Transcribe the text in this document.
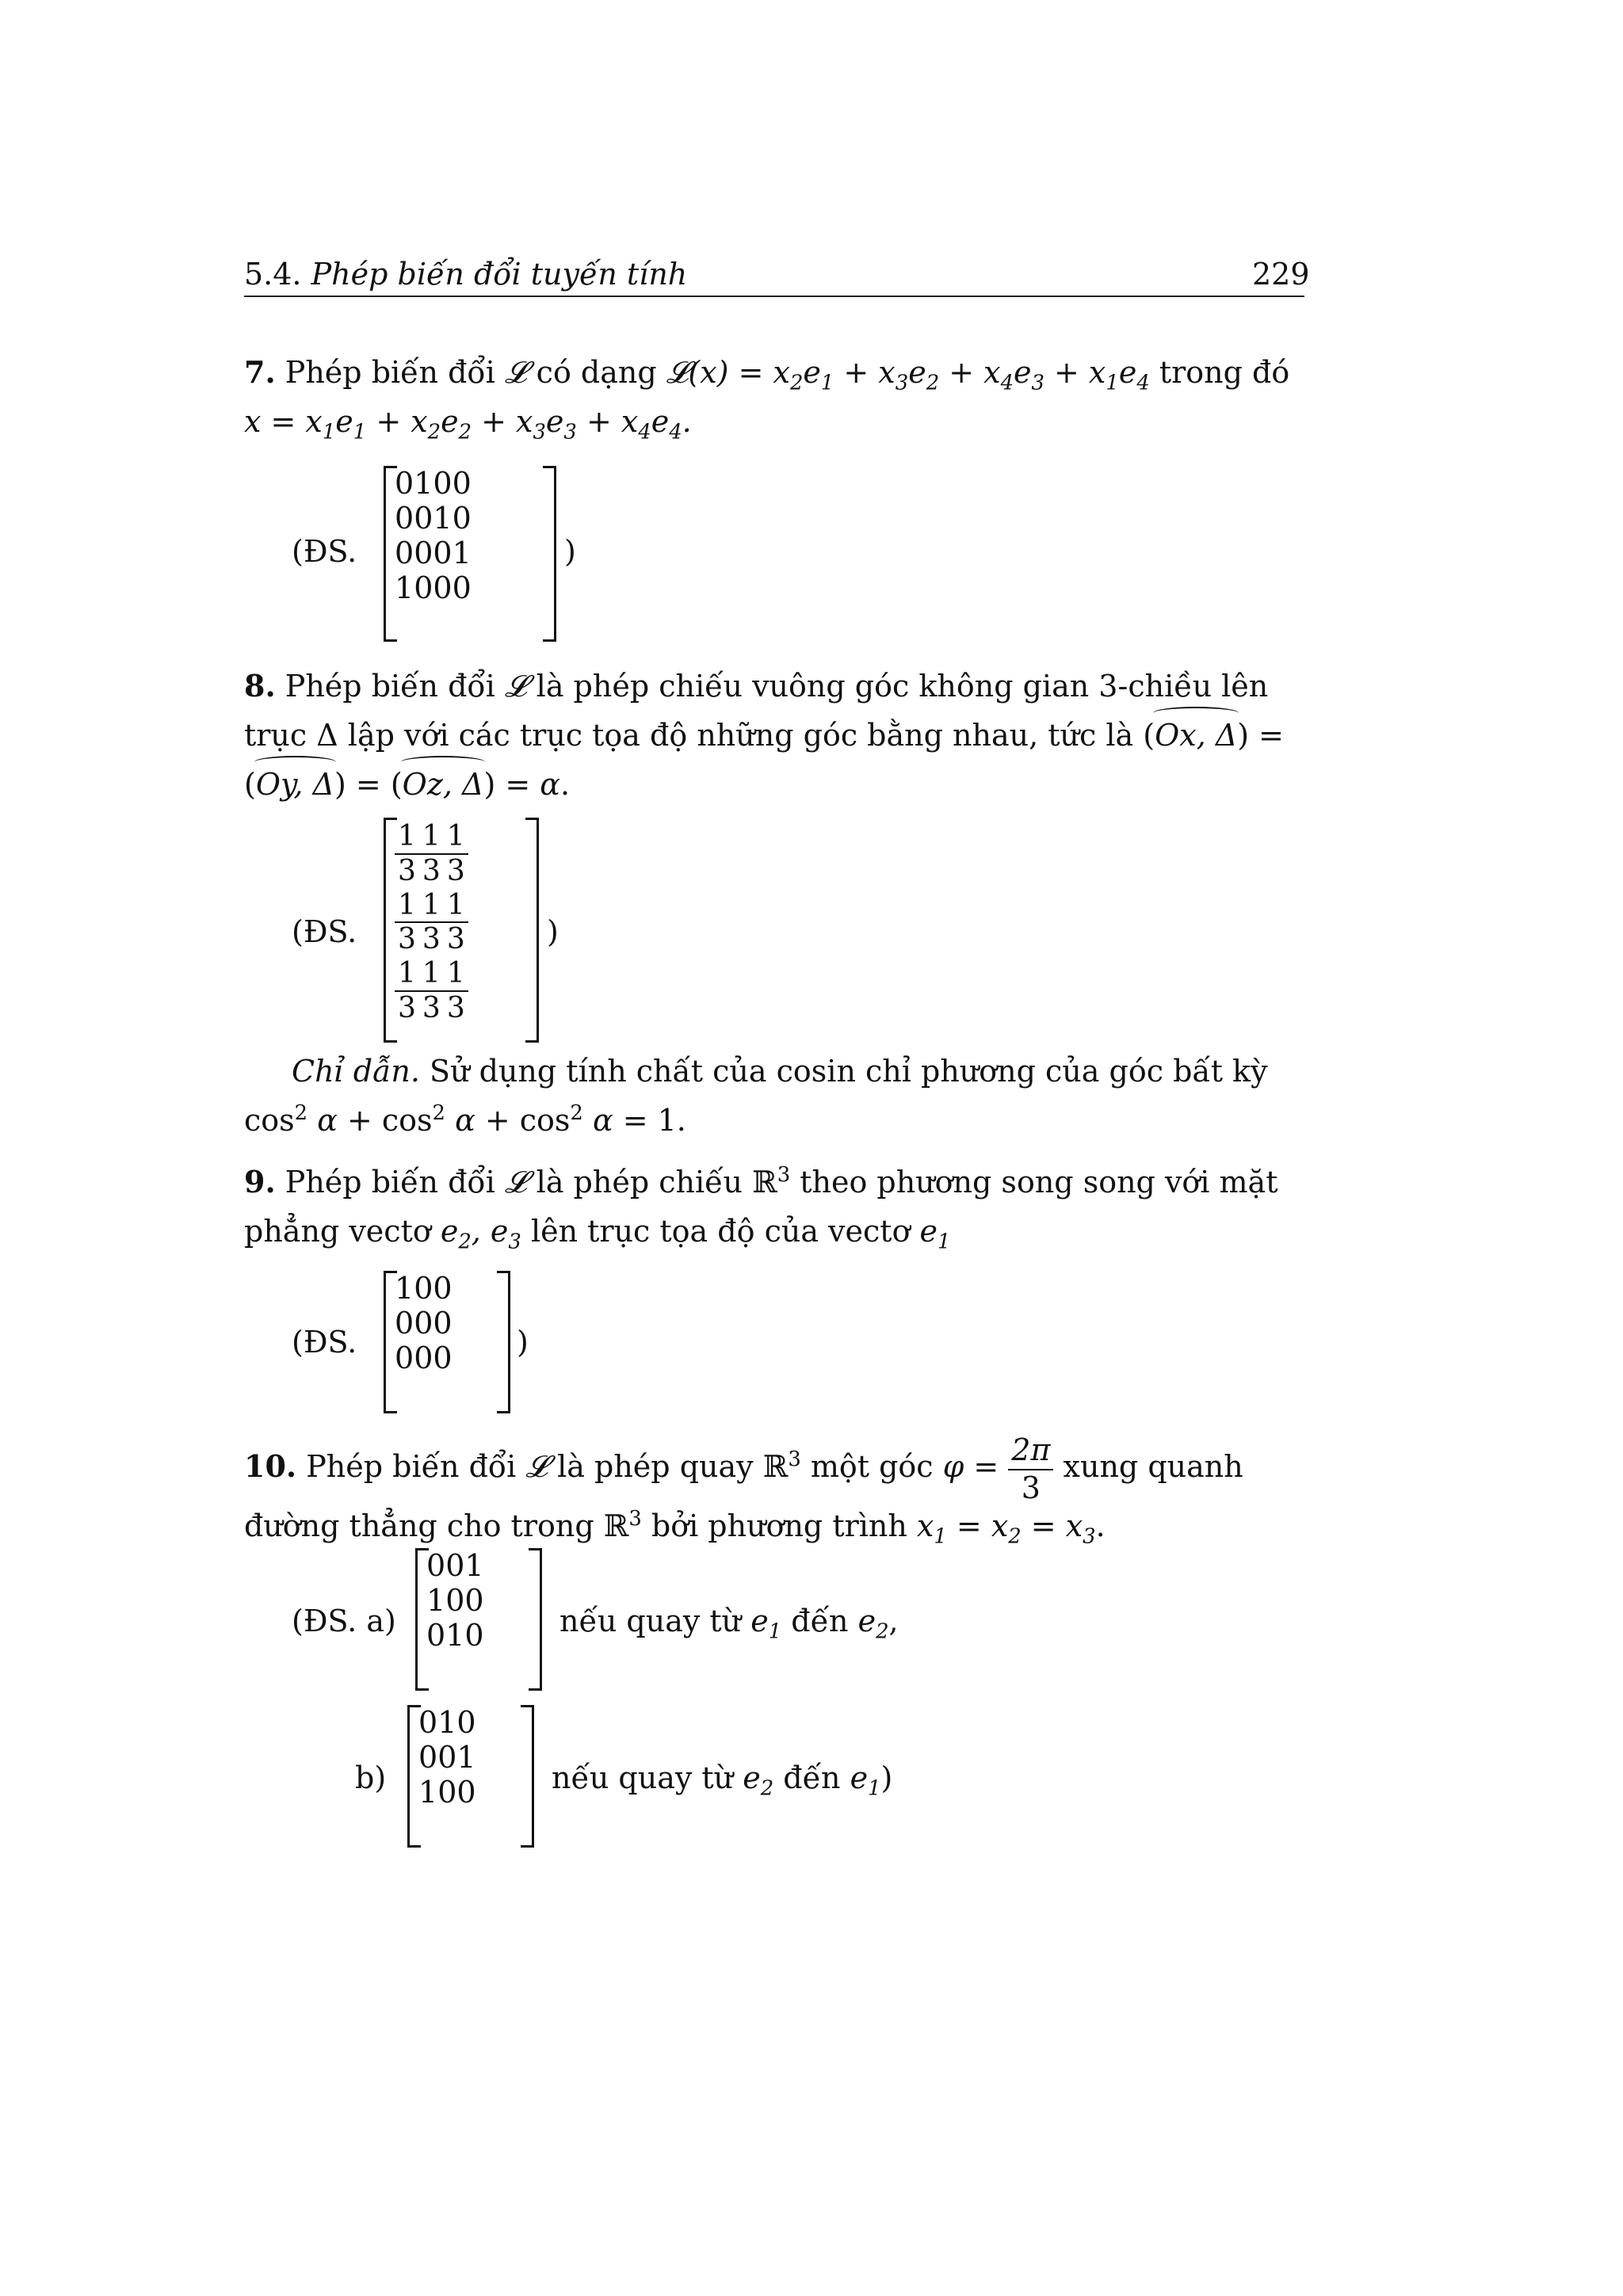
5.4. Phép biến đổi tuyến tính	229
7. Phép biến đổi 𝓛 có dạng 𝓛(x) = $x_2e_1 + x_3e_2 + x_4e_3 + x_1e_4$ trong đó
$x = x_1e_1 + x_2e_2 + x_3e_3 + x_4e_4$.
(ĐS.
0	1	0	0
0	0	1	0
0	0	0	1
1	0	0	0
)
8. Phép biến đổi 𝓛 là phép chiếu vuông góc không gian 3-chiều lên
trục Δ lập với các trục tọa độ những góc bằng nhau, tức là (Ox, Δ) =
(Oy, Δ) = (Oz, Δ) = α.
(ĐS.
$\frac{1}{3}$	$\frac{1}{3}$	$\frac{1}{3}$

$\frac{1}{3}$	$\frac{1}{3}$	$\frac{1}{3}$

$\frac{1}{3}$	$\frac{1}{3}$	$\frac{1}{3}$
)
Chỉ dẫn. Sử dụng tính chất của cosin chỉ phương của góc bất kỳ
$\cos^2 \alpha + \cos^2 \alpha + \cos^2 \alpha = 1$.
9. Phép biến đổi 𝓛 là phép chiếu ℝ$^3$ theo phương song song với mặt
phẳng vectơ $e_2$, $e_3$ lên trục tọa độ của vectơ $e_1$
(ĐS.
1	0	0
0	0	0
0	0	0 )
10. Phép biến đổi 𝓛 là phép quay ℝ$^3$ một góc $\varphi = \frac{2\pi}{3}$ xung quanh
đường thẳng cho trong ℝ$^3$ bởi phương trình $x_1 = x_2 = x_3$.
(ĐS. a)
0	0	1
1	0	0
0	1	0	nếu quay từ $e_1$ đến $e_2$,
b)
0	1	0
0	0	1
1	0	0	nếu quay từ $e_2$ đến $e_1$)
